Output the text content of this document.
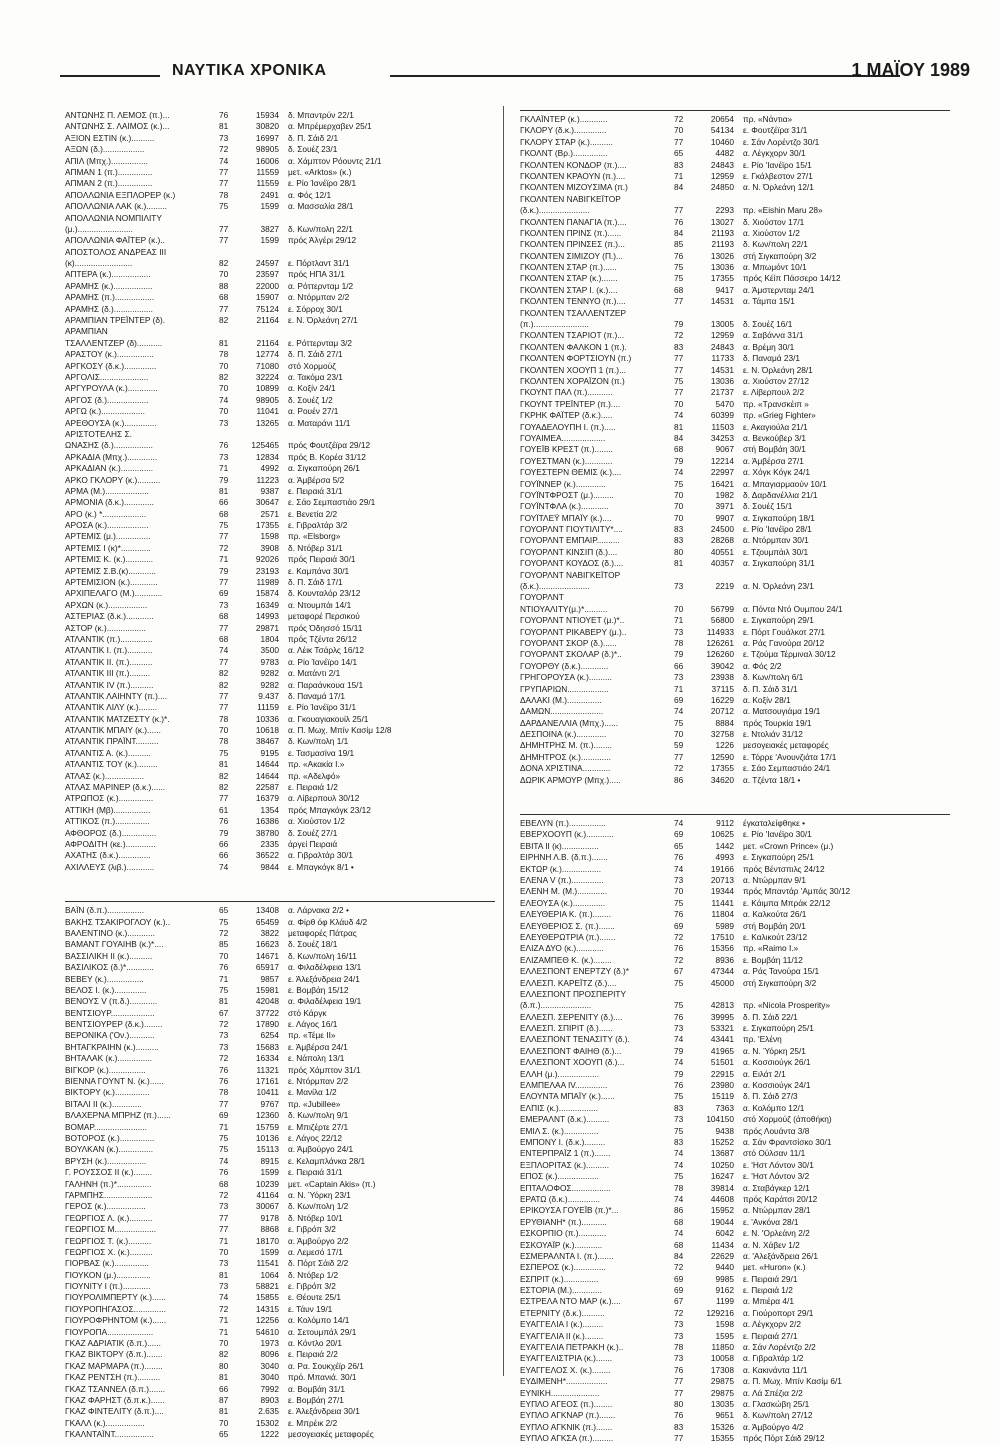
ΝΑΥΤΙΚΑ ΧΡΟΝΙΚΑ	1 ΜΑΪΟΥ 1989
ΑΝΤΩΝΗΣ Π. ΛΕΜΟΣ (π.)...	76	15934 δ. Μπαντρύν 22/1
ΑΝΤΩΝΗΣ Σ. ΛΑΙΜΟΣ (κ.)...	81	30820 α. Μπρέμερχαβεν 25/1
ΑΞΙΟΝ ΕΣΤΙΝ (κ.)..........	73	16997 δ. Π. Σάιδ 2/1
ΑΞΩΝ (δ.)..................	72	98905 δ. Σουέζ 23/1
ΑΠΙΛ (Μπχ.)................	74	16006 α. Χάμπτον Ρόουντς 21/1
ΑΠΜΑΝ 1 (π.)...............	77	11559 μετ. «Arktos» (κ.)
ΑΠΜΑΝ 2 (π.)...............	77	11559 ε. Ρίο Ίανέϊρο 28/1
ΑΠΟΛΛΩΝΙΑ ΕΞΠΛΟΡΕΡ (κ.)	78	2491 α. Φός 12/1
ΑΠΟΛΛΩΝΙΑ ΛΑΚ (κ.).........	75	1599 α. Μασσαλία 28/1
ΑΠΟΛΛΩΝΙΑ ΝΟΜΠΙΛΙΤΥ
(μ.)........................	77	3827 δ. Κων/πολη 22/1
ΑΠΟΛΛΩΝΙΑ ΦΑΪΤΕΡ (κ.)..	77	1599 πρός Άλγέρι 29/12
ΑΠΟΣΤΟΛΟΣ ΑΝΔΡΕΑΣ III
(κ).........................	82	24597 ε. Πόρτλαντ 31/1
ΑΠΤΕΡΑ (κ.).................	70	23597 πρός ΗΠΑ 31/1
ΑΡΑΜΗΣ (κ.).................	88	22000 α. Ρόττερνταμ 1/2
ΑΡΑΜΗΣ (π.).................	68	15907 α. Ντόρμπαν 2/2
ΑΡΑΜΗΣ (δ.).................	77	75124 ε. Σόρροχ 30/1
ΑΡΑΜΠΙΑΝ ΤΡΕΪΝΤΕΡ (δ).	82	21164 ε. Ν. Όρλεάνη 27/1
ΑΡΑΜΠΙΑΝ
ΤΣΑΛΛΕΝΤΖΕΡ (δ)...........	81	21164 ε. Ρόττερνταμ 3/2
ΑΡΑΣΤΟΥ (κ.)................	78	12774 δ. Π. Σάιδ 27/1
ΑΡΓΚΟΣΥ (δ.κ.)..............	70	71080 στό Χορμούζ
ΑΡΓΟΛΙΣ.....................	82	32224 α. Τακόμα 23/1
ΑΡΓΥΡΟΥΛΑ (κ.).............	70	10899 α. Κοξίν 24/1
ΑΡΓΟΣ (δ.)..................	74	98905 δ. Σουέζ 1/2
ΑΡΓΩ (κ.)...................	70	11041 α. Ρουέν 27/1
ΑΡΕΘΟΥΣΑ (κ.)..............	73	13265 α. Ματαράνι 11/1
ΑΡΙΣΤΟΤΕΛΗΣ Σ.
ΩΝΑΣΗΣ (δ.).................	76	125465 πρός Φουτζέϊρα 29/12
ΑΡΚΑΔΙΑ (Μπχ.).............	73	12834 πρός Β. Κορέα 31/12
ΑΡΚΑΔΙΑΝ (κ.)..............	71	4992 α. Σιγκαπούρη 26/1
ΑΡΚΟ ΓΚΛΟΡΥ (κ.)..........	79	11223 α. Άμβέρσα 5/2
ΑΡΜΑ (Μ.)...................	81	9387 ε. Πειραιά 31/1
ΑΡΜΟΝΙΑ (δ.κ.).............	66	30647 ε. Σάο Σεμπαστιάο 29/1
ΑΡΟ (κ.) *...................	68	2571 ε. Βενετία 2/2
ΑΡΟΣΑ (κ.)..................	75	17355 ε. Γιβραλτάρ 3/2
ΑΡΤΕΜΙΣ (μ.)...............	77	1598 πρ. «Elsborg»
ΑΡΤΕΜΙΣ Ι (κ)*.............	72	3908 δ. Ντόβερ 31/1
ΑΡΤΕΜΙΣ Κ. (κ.)............	71	92026 πρός Πειραιά 30/1
ΑΡΤΕΜΙΣ Σ.Β.(κ)............	79	23193 ε. Καμπάνα 30/1
ΑΡΤΕΜΙΣΙΟΝ (κ.)............	77	11989 δ. Π. Σάιδ 17/1
ΑΡΧΙΠΕΛΑΓΟ (Μ.)............	69	15874 δ. Κουνταλόρ 23/12
ΑΡΧΩΝ (κ.).................	73	16349 α. Ντουμπάι 14/1
ΑΣΤΕΡΙΑΣ (δ.κ.)............	68	14993 μεταφορέ Περσικού
ΑΣΤΟΡ (κ.).................	77	29871 πρός Όδησσό 15/11
ΑΤΛΑΝΤΙΚ (π.)..............	68	1804 πρός Τζέντα 26/12
ΑΤΛΑΝΤΙΚ Ι. (π.)...........	74	3500 α. Λέικ Τσάρλς 16/12
ΑΤΛΑΝΤΙΚ ΙΙ. (π.)..........	77	9783 α. Ρίο Ίανέϊρο 14/1
ΑΤΛΑΝΤΙΚ ΙΙΙ (π.).........	82	9282 α. Ματάντι 2/1
ΑΤΛΑΝΤΙΚ IV (π.)..........	82	9282 α. Παραάνκουα 15/1
ΑΤΛΑΝΤΙΚ ΛΑΙΗΝΤΥ (π.)....	77	9.437 δ. Παναμά 17/1
ΑΤΛΑΝΤΙΚ ΛΙΛΥ (κ.)........	77	11159 ε. Ρίο Ίανέϊρο 31/1
ΑΤΛΑΝΤΙΚ ΜΑΤΖΕΣΤΥ (κ.)*.	78	10336 α. Γκουαγιακουίλ 25/1
ΑΤΛΑΝΤΙΚ ΜΠΑΙΥ (κ.)......	70	10618 α. Π. Μωχ. Μπίν Κασίμ 12/8
ΑΤΛΑΝΤΙΚ ΠΡΑΪΝΤ..........	78	38467 δ. Κων/πολη 1/1
ΑΤΛΑΝΤΙΣ Α. (κ.)..........	75	9195 ε. Τασμασίνα 19/1
ΑΤΛΑΝΤΙΣ ΤΟΥ (κ.).........	81	14644 πρ. «Ακακία Ι.»
ΑΤΛΑΣ (κ.).................	82	14644 πρ. «Αδελφό»
ΑΤΛΑΣ ΜΑΡΙΝΕΡ (δ.κ.)......	82	22587 ε. Πειραιά 1/2
ΑΤΡΩΠΟΣ (κ.)...............	77	16379 α. Λίβερπουλ 30/12
ΑΤΤΙΚΗ (Μβ)................	61	1354 πρός Μπαγκόγκ 23/12
ΑΤΤΙΚΟΣ (π.)...............	76	16386 α. Χιούστον 1/2
ΑΦΘΟΡΟΣ (δ.)...............	79	38780 δ. Σουέζ 27/1
ΑΦΡΟΔΙΤΗ (κε.).............	66	2335 άργεί Πειραιά
ΑΧΑΤΗΣ (δ.κ.)..............	66	36522 α. Γιβραλτάρ 30/1
ΑΧΙΛΛΕΥΣ (λιβ.)............	74	9844 ε. Μπαγκόγκ 8/1 •
ΒΑΪΝ (δ.π.)................	65	13408 α. Λάρνακα 2/2 •
ΒΑΚΗΣ ΤΣΑΚΙΡΟΓΛΟΥ (κ.)..	75	65459 α. Φίρθ όφ Κλάυδ 4/2
ΒΑΛΕΝΤΙΝΟ (κ.)............	72	3822 μεταφορές Πάτρας
ΒΑΜΑΝΤ ΓΟΥΑΙΗΒ (κ.)*....	85	16623 δ. Σουέζ 18/1
ΒΑΣΣΙΛΙΚΗ ΙΙ (κ.)..........	70	14671 δ. Κων/πολη 16/11
ΒΑΣΙΛΙΚΟΣ (δ.)*............	76	65917 α. Φιλαδέλφεια 13/1
ΒΕΒΕΥ (κ.)................	71	9857 ε. Άλεξάνδρεια 24/1
ΒΕΛΟΣ Ι. (κ.)..............	75	15981 ε. Βομβάη 15/12
ΒΕΝΟΥΣ V (π.δ.)............	81	42048 α. Φιλαδέλφεια 19/1
ΒΕΝΤΣΙΟΥΡ...................	67	37722 στό Κάργκ
ΒΕΝΤΣΙΟΥΡΕΡ (δ.κ.)........	72	17890 ε. Λάγος 16/1
ΒΕΡΟΝΙΚΑ ('Ον.)...........	73	6254 πρ. «Τέμε ΙΙ»
ΒΗΤΑΓΚΡΑΙΗΝ (κ.)..........	73	15683 ε. Άμβέρσα 24/1
ΒΗΤΑΛΑΚ (κ.)...............	72	16334 ε. Νάπολη 13/1
ΒΙΓΚΟΡ (κ.)................	76	11321 πρός Χάμπτον 31/1
ΒΙΕΝΝΑ ΓΟΥΝΤ Ν. (κ.)......	76	17161 ε. Ντόρμπαν 2/2
ΒΙΚΤΟΡΥ (κ.)...............	78	10411 ε. Μανίλα 1/2
ΒΙΤΑΛΙ ΙΙ (κ.).............	77	9767 πρ. «Jubillee»
ΒΛΑΧΕΡΝΑ ΜΠΡΗΖ (π.)......	69	12360 δ. Κων/πολη 9/1
ΒΟΜΑΡ.......................	71	15759 ε. Μπιζέρτε 27/1
ΒΟΤΟΡΟΣ (κ.)...............	75	10136 ε. Λάγος 22/12
ΒΟΥΛΚΑΝ (κ.)...............	75	15113 α. Άμβούργο 24/1
ΒΡΥΣΗ (κ.).................	74	8915 ε. Κελαμπλάνκα 28/1
Γ. ΡΟΥΣΣΟΣ ΙΙ (κ.)........	76	1599 ε. Πειραιά 31/1
ΓΑΛΗΝΗ (π.)*...............	68	10239 μετ. «Captain Akis» (π.)
ΓΑΡΜΠΗΣ.....................	72	41164 α. Ν. Ύόρκη 23/1
ΓΕΡΟΣ (κ.).................	73	30067 δ. Κων/πολη 1/2
ΓΕΩΡΓΙΟΣ Λ. (κ.)..........	77	9178 δ. Ντόβερ 10/1
ΓΕΩΡΓΙΟΣ Μ..................	77	8868 ε. Γιβρόπ 3/2
ΓΕΩΡΓΙΟΣ Τ. (κ.)..........	71	18170 α. Άμβούργο 2/2
ΓΕΩΡΓΙΟΣ Χ. (κ.)..........	70	1599 α. Λεμεσό 17/1
ΓΙΟΡΒΑΣ (κ.)...............	73	11541 δ. Πόρτ Σάιδ 2/2
ΓΙΟΥΚΟΝ (μ.)...............	81	1064 δ. Ντόβερ 1/2
ΓΙΟΥΝΙΤΥ Ι (π.)............	73	58821 ε. Γιβρόπ 3/2
ΓΙΟΥΡΟΛΙΜΠΕΡΤΥ (κ.)......	74	15855 ε. Θέουτε 25/1
ΓΙΟΥΡΟΠΗΓΑΣΟΣ..............	72	14315 ε. Τάυν 19/1
ΓΙΟΥΡΟΦΡΗΝΤΟΜ (κ.)......	71	12256 α. Κολόμπο 14/1
ΓΙΟΥΡΟΠΑ....................	71	54610 α. Σετουμπάλ 29/1
ΓΚΑΖ ΑΔΡΙΑΤΙΚ (δ.π.)......	70	1973 α. Κόντλο 20/1
ΓΚΑΖ ΒΙΚΤΟΡΥ (δ.π.).......	82	8096 ε. Πειραιά 2/2
ΓΚΑΖ ΜΑΡΜΑΡΑ (π.)........	80	3040 α. Ρα. Σουκχέϊρ 26/1
ΓΚΑΖ ΡΕΝΤΣΗ (π.)..........	81	3040 πρό. Μπανιά. 30/1
ΓΚΑΖ ΤΣΑΝΝΕΛ (δ.π.).......	66	7992 α. Βομβάη 31/1
ΓΚΑΖ ΦΑΡΗΣΤ (δ.π.κ.)......	87	8903 ε. Βομβάη 27/1
ΓΚΑΖ ΦΙΝΤΕΛΙΤΥ (δ.π.)....	81	2.635 ε. Άλεξάνδρεια 30/1
ΓΚΑΛΛ (κ.).................	70	15302 ε. Μπρέικ 2/2
ΓΚΑΛΝΤΑΪΝΤ.................	65	1222 μεσογειακές μεταφορές
ΓΚΛΑΪΝΤΕΡ (κ.)............	72	20654 πρ. «Νάντια»
ΓΚΛΟΡΥ (δ.κ.)..............	70	54134 ε. Φουτζέϊρα 31/1
ΓΚΛΟΡΥ ΣΤΑΡ (κ.)..........	77	10460 ε. Σάν Λορέντζο 30/1
ΓΚΟΛΝΤ (Βρ.)...............	65	4482 α. Λέγκχορν 30/1
ΓΚΟΛΝΤΕΝ ΚΟΝΔΟΡ (π.)....	83	24843 ε. Ρίο 'Ιανέϊρο 15/1
ΓΚΟΛΝΤΕΝ ΚΡΑΟΥΝ (π.)....	71	12959 ε. Γκάλβεστον 27/1
ΓΚΟΛΝΤΕΝ ΜΙΖΟΥΣΙΜΑ (π.)	84	24850 α. Ν. Όρλεάνη 12/1
ΓΚΟΛΝΤΕΝ ΝΑΒΙΓΚΕΪΤΟΡ
(δ.κ.)......................	77	2293 πρ. «Eishin Maru 28»
ΓΚΟΛΝΤΕΝ ΠΑΝΑΓΙΑ (π.)....	76	13027 δ. Χιούστον 17/1
ΓΚΟΛΝΤΕΝ ΠΡΙΝΣ (π.)......	84	21193 α. Χιούστον 1/2
ΓΚΟΛΝΤΕΝ ΠΡΙΝΣΕΣ (π.)...	85	21193 δ. Κων/πολη 22/1
ΓΚΟΛΝΤΕΝ ΣΙΜΙΖΟΥ (Π.)...	76	13026 στή Σιγκαπούρη 3/2
ΓΚΟΛΝΤΕΝ ΣΤΑΡ (π.)......	75	13036 α. Μπωμόντ 10/1
ΓΚΟΛΝΤΕΝ ΣΤΑΡ (κ.).......	75	17355 πρός Κέίπ Πάσσερο 14/12
ΓΚΟΛΝΤΕΝ ΣΤΑΡ Ι. (κ.)....	68	9417 α. Άμστερνταμ 24/1
ΓΚΟΛΝΤΕΝ ΤΕΝΝΥΟ (π.)....	77	14531 α. Τάμπα 15/1
ΓΚΟΛΝΤΕΝ ΤΣΑΛΛΕΝΤΖΕΡ
(π.)........................	79	13005 δ. Σουέζ 16/1
ΓΚΟΛΝΤΕΝ ΤΣΑΡΙΟΤ (π.)...	72	12959 α. Σαβάννα 31/1
ΓΚΟΛΝΤΕΝ ΦΑΛΚΟΝ 1 (π.).	83	24843 α. Βρέμη 30/1
ΓΚΟΛΝΤΕΝ ΦΟΡΤΣΙΟΥΝ (π.)	77	11733 δ. Παναμά 23/1
ΓΚΟΛΝΤΕΝ ΧΟΟΥΠ 1 (π.)...	77	14531 ε. Ν. Όρλεάνη 28/1
ΓΚΟΛΝΤΕΝ ΧΟΡΑΪΖΟΝ (π.)	75	13036 α. Χιούστον 27/12
ΓΚΟΥΝΤ ΠΑΛ (π.)...........	77	21737 ε. Λίβερπουλ 2/2
ΓΚΟΥΝΤ ΤΡΕΪΝΤΕΡ (π.)....	70	5470 πρ. «Τρανσκέιπ »
ΓΚΡΗΚ ΦΑΪΤΕΡ (δ.κ.).....	74	60399 πρ. «Grieg Fighter»
ΓΟΥΑΔΕΛΟΥΠΗ Ι. (π.).....	81	11503 ε. Ακαγιούλα 21/1
ΓΟΥΑΙΜΕΑ...................	84	34253 α. Βενκούβερ 3/1
ΓΟΥΕΪΒ ΚΡΕΣΤ (π.)........	68	9067 στή Βομβάη 30/1
ΓΟΥΕΣΤΜΑΝ (κ.)............	79	12214 α. Άμβέρσα 27/1
ΓΟΥΕΣΤΕΡΝ ΘΕΜΙΣ (κ.)....	74	22997 α. Χόγκ Κόγκ 24/1
ΓΟΥΪΝΝΕΡ (κ.).............	75	16421 α. Μπαγιαρμαούν 10/1
ΓΟΥΪΝΤΦΡΟΣΤ (μ.).........	70	1982 δ. Δαρδανέλλια 21/1
ΓΟΥΪΝΤΦΛΑ (κ.)............	70	3971 δ. Σουέζ 15/1
ΓΟΥΪΤΛΕΫ ΜΠΑΪΥ (κ.)....	70	9907 α. Σιγκαπούρη 18/1
ΓΟΥΟΡΛΝΤ ΓΙΟΥΤΙΛΙΤΥ*....	83	24500 ε. Ρίο 'Ιανέϊρο 28/1
ΓΟΥΟΡΛΝΤ ΕΜΠΑΙΡ..........	83	28268 α. Ντόρμπαν 30/1
ΓΟΥΟΡΛΝΤ ΚΙΝΣΙΠ (δ.)....	80	40551 ε. Τζουμπάιλ 30/1
ΓΟΥΟΡΛΝΤ ΚΟΥΔΟΣ (δ.)....	81	40357 α. Σιγκαπούρη 31/1
ΓΟΥΟΡΛΝΤ ΝΑΒΙΓΚΕΪΤΟΡ
(δ.κ.)......................	73	2219 α. Ν. Όρλεάνη 23/1
ΓΟΥΟΡΛΝΤ
ΝΤΙΟΥΑΛΙΤΥ(μ.)*..........	70	56799 α. Πόντα Ντό Ουμπου 24/1
ΓΟΥΟΡΛΝΤ ΝΤΙΟΥΕΤ (μ.)*..	71	56800 ε. Σιγκαπούρη 29/1
ΓΟΥΟΡΛΝΤ ΡΙΚΑΒΕΡΥ (μ.)..	73	114933 ε. Πόρτ Γουάλκοτ 27/1
ΓΟΥΟΡΛΝΤ ΣΚΟΡ (δ.)......	78	126261 α. Ράς Γανούρα 20/12
ΓΟΥΟΡΛΝΤ ΣΚΟΛΑΡ (δ.)*..	79	126260 ε. Τζούμα Τέρμιναλ 30/12
ΓΟΥΟΡΘΥ (δ.κ.)............	66	39042 α. Φός 2/2
ΓΡΗΓΟΡΟΥΣΑ (κ.)..........	73	23938 δ. Κων/πολη 6/1
ΓΡΥΠΑΡΙΩΝ..................	71	37115 δ. Π. Σάιδ 31/1
ΔΑΛΑΚΙ (Μ.)...............	69	16229 α. Κοξίν 28/1
ΔΑΜΩΝ.......................	74	20712 α. Ματσουγιάμα 19/1
ΔΑΡΔΑΝΕΛΛΙΑ (Μπχ.)......	75	8884 πρός Τουρκία 19/1
ΔΕΣΠΟΙΝΑ (κ.).............	70	32758 ε. Ντολιάν 31/12
ΔΗΜΗΤΡΗΣ Μ. (π.)........	59	1226 μεσογειακές μεταφορές
ΔΗΜΗΤΡΟΣ (κ.).............	77	12590 ε. Τόρρε 'Ανουνζιάτα 17/1
ΔΟΝΑ ΧΡΙΣΤΙΝΑ............	72	17355 ε. Σάο Σεμπαστιάο 24/1
ΔΩΡΙΚ ΑΡΜΟΥΡ (Μπχ.).....	86	34620 α. Τζέντα 18/1 •
ΕΒΕΛΥΝ (π.)................	74	9112 έγκαταλείφθηκε •
ΕΒΕΡΧΟΟΥΠ (κ.)............	69	10625 ε. Ρίο 'Ιανέϊρο 30/1
ΕΒΙΤΑ ΙΙ (κ)................	65	1442 μετ. «Crown Prince» (μ.)
ΕΙΡΗΝΗ Λ.Β. (δ.π.).......	76	4993 ε. Σιγκαπούρη 25/1
ΕΚΤΩΡ (κ.).................	74	19166 πρός Βέντσπιλς 24/12
ΕΛΕΝΑ V (π.)..............	73	20713 α. Ντώρμπαν 9/1
ΕΛΕΝΗ Μ. (Μ.).............	70	19344 πρός Μπαντάρ 'Αμπάς 30/12
ΕΛΕΟΥΣΑ (κ.)..............	75	11441 ε. Κάιμπα Μπράκ 22/12
ΕΛΕΥΘΕΡΙΑ Κ. (π.)........	76	11804 α. Καλκούτα 26/1
ΕΛΕΥΘΕΡΙΟΣ Σ. (π.).......	69	5989 στή Βομβάη 20/1
ΕΛΕΥΘΕΡΩΤΡΙΑ (π.).......	72	17510 ε. Καλικούτ 23/12
ΕΛΙΖΑ ΔΥΟ (κ.)............	76	15356 πρ. «Raimo Ι.»
ΕΛΙΖΑΜΠΕΘ Κ. (κ.)........	72	8936 ε. Βομβάη 11/12
ΕΛΛΕΣΠΟΝΤ ΕΝΕΡΤΖΥ (δ.)*	67	47344 α. Ράς Τανούρα 15/1
ΕΛΛΕΣΠ. ΚΑΡΕΪΤΖ (δ.)....	75	45000 στή Σιγκαπούρη 3/2
ΕΛΛΕΣΠΟΝΤ ΠΡΟΣΠΕΡΙΤΥ
(δ.π.)......................	75	42813 πρ. «Nicola Prosperity»
ΕΛΛΕΣΠ. ΣΕΡΕΝΙΤΥ (δ.)....	76	39995 δ. Π. Σάιδ 22/1
ΕΛΛΕΣΠ. ΣΠΙΡΙΤ (δ.)......	73	53321 ε. Σιγκαπούρη 25/1
ΕΛΛΕΣΠΟΝΤ ΤΕΝΑΣΙΤΥ (δ.).	74	43441 πρ. 'Ελένη
ΕΛΛΕΣΠΟΝΤ ΦΑΙΗΘ (δ.)...	79	41965 α. Ν. Ύόρκη 25/1
ΕΛΛΕΣΠΟΝΤ ΧΟΟΥΠ (δ.)...	74	51501 α. Κοσσιούγκ 26/1
ΕΛΛΗ (μ.)..................	79	22915 α. Ειλάτ 2/1
ΕΛΜΠΕΛΑΑ IV..............	76	23980 α. Κοσσιούγκ 24/1
ΕΛΟΥΝΤΑ ΜΠΑΪΥ (κ.)......	75	15119 δ. Π. Σάιδ 27/3
ΕΛΠΙΣ (κ.).................	83	7363 α. Κολόμπο 12/1
ΕΜΕΡΑΛΝΤ (δ.κ.)..........	73	104150 στό Χορμούζ (άποθήκη)
ΕΜΙΛ Σ. (κ.)...............	75	9438 πρός Λουάντα 3/8
ΕΜΠΟΝΥ Ι. (δ.κ.).........	83	15252 α. Σάν Φραντσίσκο 30/1
ΕΝΤΕΡΠΡΑΪΖ 1 (π.).......	74	13687 στό Ούλσαν 11/1
ΕΞΠΛΟΡΙΤΑΣ (κ.)..........	74	10250 ε. 'Ηστ Λόντον 30/1
ΕΠΟΣ (κ.)..................	75	16247 ε. 'Ηστ Λόντον 3/2
ΕΠΤΑΛΟΦΟΣ.................	78	39814 α. Σταβάγκερ 12/1
ΕΡΑΤΩ (δ.κ.)..............	74	44608 πρός Καράτσι 20/12
ΕΡΙΚΟΥΣΑ ΓΟΥΕΪΒ (π.)*...	86	15952 α. Ντώρμπαν 28/1
ΕΡΥΘΙΑΝΗ* (π.)...........	68	19044 ε. 'Ανκόνα 28/1
ΕΣΚΟΡΠΙΟ (π.)............	74	6042 ε. Ν. 'Ορλεάνη 2/2
ΕΣΚΟΥΑΪΡ (κ.)............	68	11434 α. Ν. Χάβεν 1/2
ΕΣΜΕΡΑΛΝΤΑ Ι. (π.).......	84	22629 α. 'Αλεξάνδρεια 26/1
ΕΣΠΕΡΟΣ (κ.)..............	72	9440 μετ. «Huron» (κ.)
ΕΣΠΡΙΤ (κ.)...............	69	9985 ε. Πειραιά 29/1
ΕΣΤΟΡΙΑ (Μ.).............	69	9162 ε. Πειραιά 1/2
ΕΣΤΡΕΛΑ ΝΤΟ ΜΑΡ (κ.)....	67	1199 α. Μπιέρα 4/1
ΕΤΕΡΝΙΤΥ (δ.κ.)..........	72	129216 α. Γιούροπορτ 29/1
ΕΥΑΓΓΕΛΙΑ Ι (κ.).........	73	1598 α. Λέγκχορν 2/2
ΕΥΑΓΓΕΛΙΑ ΙΙ (κ.)........	73	1595 ε. Πειραιά 27/1
ΕΥΑΓΓΕΛΙΑ ΠΕΤΡΑΚΗ (κ.)..	78	11850 α. Σάν Λορέντζο 2/2
ΕΥΑΓΓΕΛΙΣΤΡΙΑ (κ.).......	73	10058 α. Γιβραλτάρ 1/2
ΕΥΑΓΓΕΛΟΣ Χ. (κ.)........	76	17308 α. Κακινάντα 11/1
ΕΥΔΙΜΕΝΗ*..................	77	29875 α. Π. Μωχ. Μπίν Κασίμ 6/1
ΕΥΝΙΚΗ.....................	77	29875 α. Λά Σπέζια 2/2
ΕΥΠΛΟ ΑΓΕΟΣ (π.)........	80	13035 α. Γλασκώβη 25/1
ΕΥΠΛΟ ΑΓΚΝΑΡ (π.).......	76	9651 δ. Κων/πολη 27/12
ΕΥΠΛΟ ΑΓΚΝΙΚ (π.).......	83	15326 α. Άμβούργο 4/2
ΕΥΠΛΟ ΑΓΚΣΑ (π.).........	77	15355 πρός Πόρτ Σάιδ 29/12
